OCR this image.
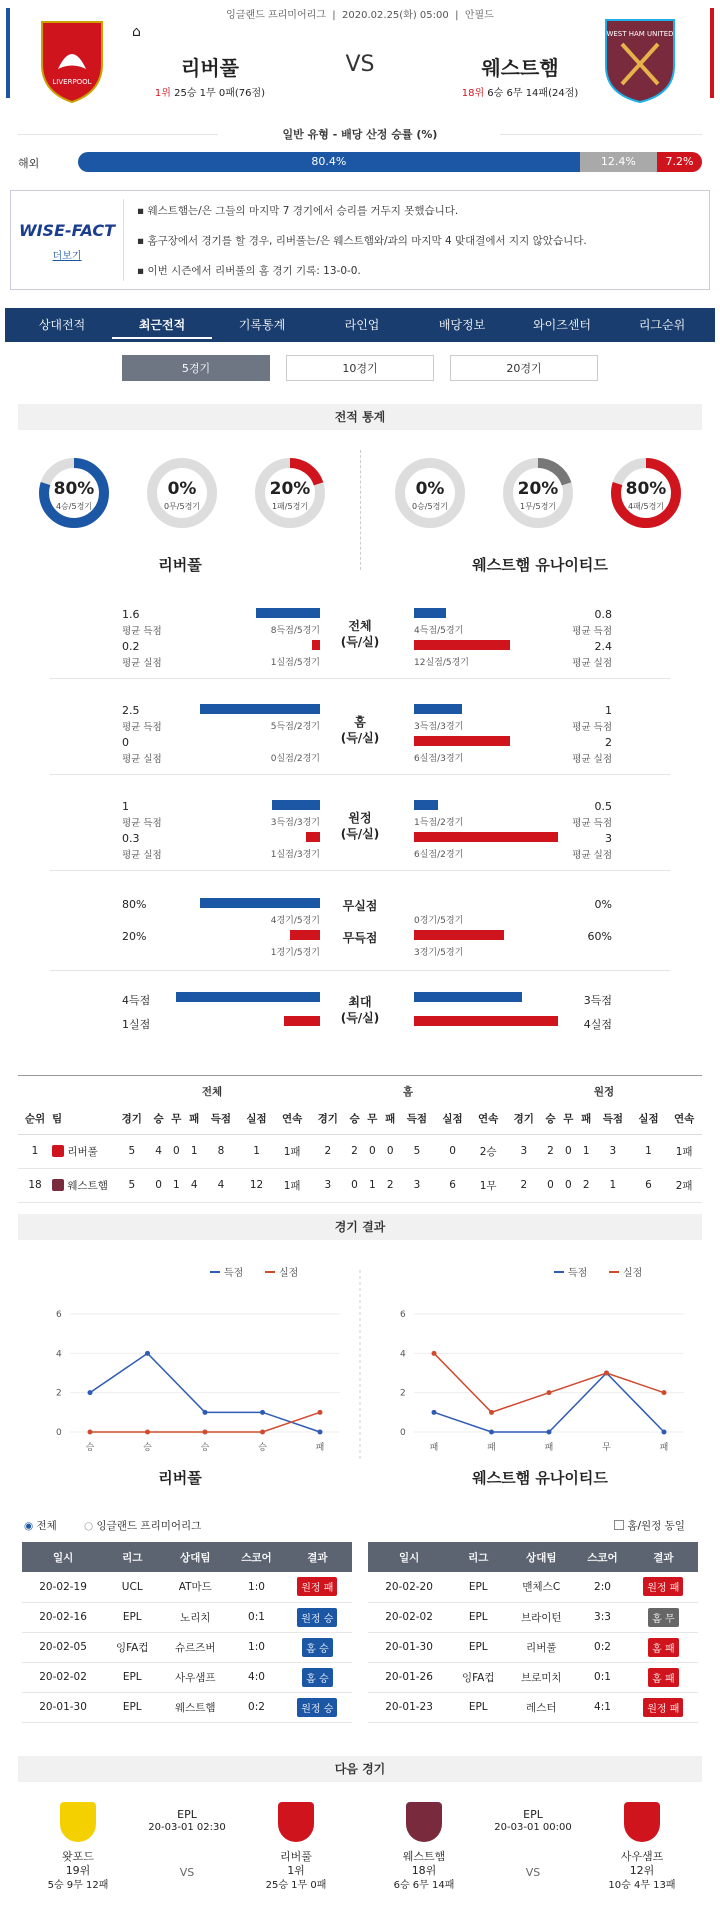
LIVERPOOL
⌂
잉글랜드 프리미어리그  |  2020.02.25(화) 05:00  |  안필드
리버풀	VS	웨스트햄
1위 25승 1무 0패(76점)	18위 6승 6무 14패(24점)
WEST HAM UNITED
일반 유형 - 배당 산정 승률 (%)
해외	80.4%	12.4%	7.2%
WISE-FACT
더보기
▪ 웨스트햄는/은 그들의 마지막 7 경기에서 승리를 거두지 못했습니다.
▪ 홈구장에서 경기를 할 경우, 리버풀는/은 웨스트햄와/과의 마지막 4 맞대결에서 지지 않았습니다.
▪ 이번 시즌에서 리버풀의 홈 경기 기록: 13-0-0.
5경기	10경기	20경기
전적 통계
리버풀	웨스트햄 유나이티드
1.6
평균 득점
0.2
평균 실점
8득점/5경기
1실점/5경기
전체
(득/실)
4득점/5경기
12실점/5경기
0.8
평균 득점
2.4
평균 실점
2.5
평균 득점
0
평균 실점
5득점/2경기
0실점/2경기
홈
(득/실)
3득점/3경기
6실점/3경기
1
평균 득점
2
평균 실점
1
평균 득점
0.3
평균 실점
3득점/3경기
1실점/3경기
원정
(득/실)
1득점/2경기
6실점/2경기
0.5
평균 득점
3
평균 실점
80%
4경기/5경기
무실점
0경기/5경기
0%
20%
1경기/5경기
무득점
3경기/5경기
60%
4득점
1실점
최대
(득/실)
3득점
4실점
		전체							홈							원정						
순위	팀	경기	승	무	패	득점	실점	연속	경기	승	무	패	득점	실점	연속	경기	승	무	패	득점	실점	연속
1	리버풀	5	4	0	1	8	1	1패	2	2	0	0	5	0	2승	3	2	0	1	3	1	1패
18	웨스트햄	5	0	1	4	4	12	1패	3	0	1	2	3	6	1무	2	0	0	2	1	6	2패
경기 결과
득점	실점
0
2
4
6
승	승	승	승	패
득점	실점
0
2
4
6
패	패	패	무	패
리버풀	웨스트햄 유나이티드
◉ 전체	○ 잉글랜드 프리미어리그	홈/원정 동일
일시	리그	상대팀	스코어	결과
20-02-19	UCL	AT마드	1:0	원정 패
20-02-16	EPL	노리치	0:1	원정 승
20-02-05	잉FA컵	슈르즈버	1:0	홈 승
20-02-02	EPL	사우샘프	4:0	홈 승
20-01-30	EPL	웨스트햄	0:2	원정 승
일시	리그	상대팀	스코어	결과
20-02-20	EPL	맨체스C	2:0	원정 패
20-02-02	EPL	브라이턴	3:3	홈 무
20-01-30	EPL	리버풀	0:2	홈 패
20-01-26	잉FA컵	브로미치	0:1	홈 패
20-01-23	EPL	레스터	4:1	원정 패
다음 경기
왓포드
19위
5승 9무 12패
EPL
20-03-01 02:30
VS
리버풀
1위
25승 1무 0패
웨스트햄
18위
6승 6무 14패
EPL
20-03-01 00:00
VS
사우샘프
12위
10승 4무 13패
상대전적	최근전적	기록통계	라인업	배당정보	와이즈센터	리그순위
80%
4승/5경기
0%
0무/5경기
20%
1패/5경기
0%
0승/5경기
20%
1무/5경기
80%
4패/5경기
